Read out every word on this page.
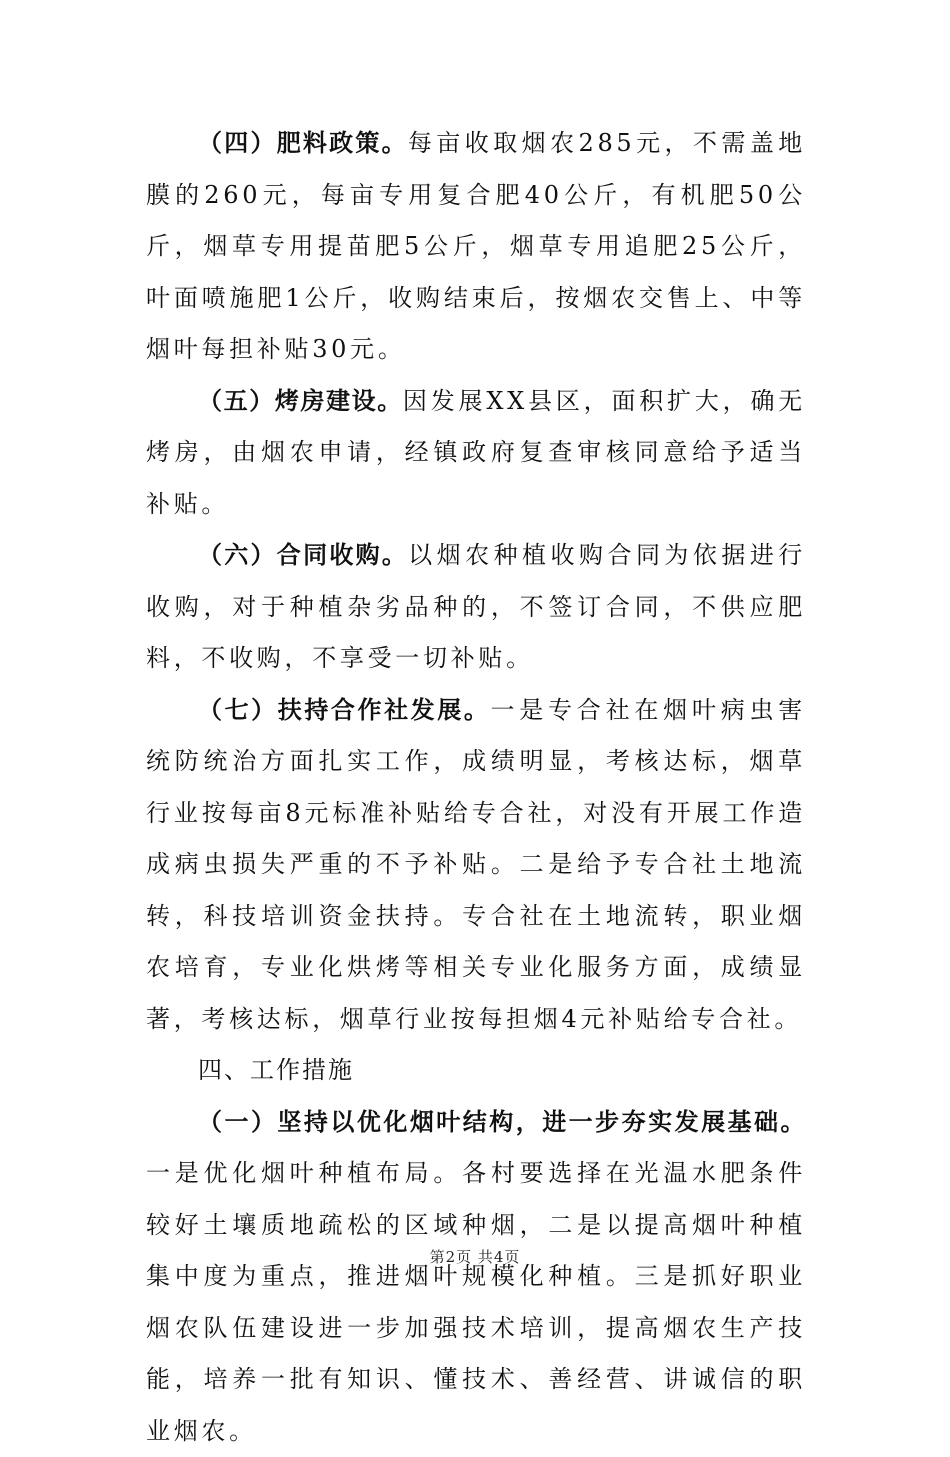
（四）肥料政策。每亩收取烟农285元，不需盖地膜的260元，每亩专用复合肥40公斤，有机肥50公斤，烟草专用提苗肥5公斤，烟草专用追肥25公斤，叶面喷施肥1公斤，收购结束后，按烟农交售上、中等烟叶每担补贴30元。

（五）烤房建设。因发展XX县区，面积扩大，确无烤房，由烟农申请，经镇政府复查审核同意给予适当补贴。

（六）合同收购。以烟农种植收购合同为依据进行收购，对于种植杂劣品种的，不签订合同，不供应肥料，不收购，不享受一切补贴。

（七）扶持合作社发展。一是专合社在烟叶病虫害统防统治方面扎实工作，成绩明显，考核达标，烟草行业按每亩8元标准补贴给专合社，对没有开展工作造成病虫损失严重的不予补贴。二是给予专合社土地流转，科技培训资金扶持。专合社在土地流转，职业烟农培育，专业化烘烤等相关专业化服务方面，成绩显著，考核达标，烟草行业按每担烟4元补贴给专合社。

四、工作措施

（一）坚持以优化烟叶结构，进一步夯实发展基础。一是优化烟叶种植布局。各村要选择在光温水肥条件较好土壤质地疏松的区域种烟，二是以提高烟叶种植集中度为重点，推进烟叶规模化种植。三是抓好职业烟农队伍建设进一步加强技术培训，提高烟农生产技能，培养一批有知识、懂技术、善经营、讲诚信的职业烟农。

第2页 共4页
